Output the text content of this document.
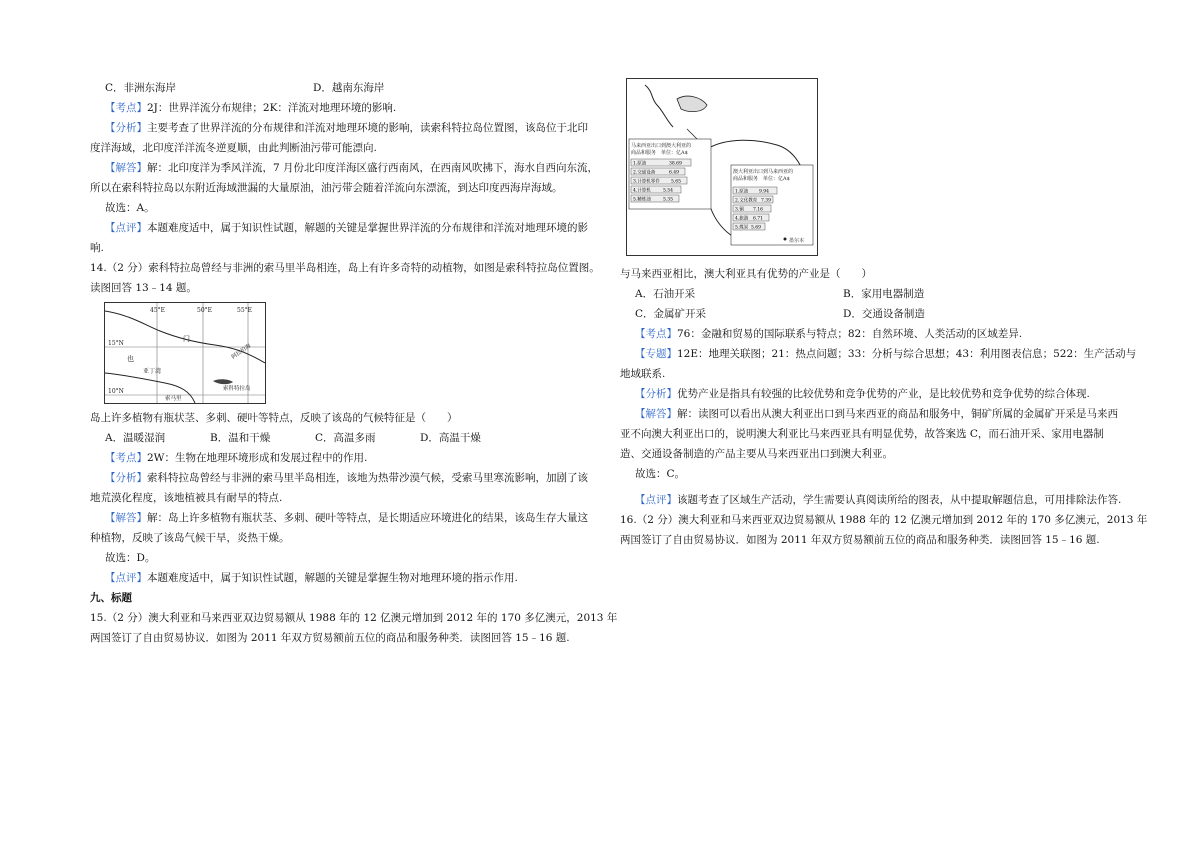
C．非洲东海岸	D．越南东海岸
【考点】2J：世界洋流分布规律；2K：洋流对地理环境的影响.
【分析】主要考查了世界洋流的分布规律和洋流对地理环境的影响，读索科特拉岛位置图，该岛位于北印
度洋海域，北印度洋洋流冬逆夏顺，由此判断油污带可能漂向.
【解答】解：北印度洋为季风洋流，7 月份北印度洋海区盛行西南风，在西南风吹拂下，海水自西向东流，
所以在索科特拉岛以东附近海域泄漏的大量原油，油污带会随着洋流向东漂流，到达印度西海岸海域。
故选：A。
【点评】本题难度适中，属于知识性试题，解题的关键是掌握世界洋流的分布规律和洋流对地理环境的影
响.
14.（2 分）索科特拉岛曾经与非洲的索马里半岛相连，岛上有许多奇特的动植物，如图是索科特拉岛位置图。
读图回答 13﹣14 题。
45°E	50°E	55°E
15°N
10°N
也
门
亚丁湾
阿拉伯海
索科特拉岛
索马里
岛上许多植物有瓶状茎、多刺、硬叶等特点，反映了该岛的气候特征是（　　）
A．温暖湿润	B．温和干燥	C．高温多雨	D．高温干燥
【考点】2W：生物在地理环境形成和发展过程中的作用.
【分析】索科特拉岛曾经与非洲的索马里半岛相连，该地为热带沙漠气候，受索马里寒流影响，加剧了该
地荒漠化程度，该地植被具有耐旱的特点.
【解答】解：岛上许多植物有瓶状茎、多刺、硬叶等特点，是长期适应环境进化的结果，该岛生存大量这
种植物，反映了该岛气候干旱，炎热干燥。
故选：D。
【点评】本题难度适中，属于知识性试题，解题的关键是掌握生物对地理环境的指示作用.
九、标题
15.（2 分）澳大利亚和马来西亚双边贸易额从 1988 年的 12 亿澳元增加到 2012 年的 170 多亿澳元，2013 年
两国签订了自由贸易协议．如图为 2011 年双方贸易额前五位的商品和服务种类．读图回答 15﹣16 题.
马来西亚出口到澳大利亚的
商品和服务　单位：亿A$
1.原油	38.69
2.交通设备	6.49
3.计算机零件 5.65
4.计算机	5.54
5.精炼油	5.35
澳大利亚出口到马来西亚的
商品和服务　单位：亿A$
1.原油 9.94
2.文化教育 7.39
3.铜 7.16
4.旅游 6.71
5.煤炭 5.69
墨尔本
与马来西亚相比，澳大利亚具有优势的产业是（　　）
A．石油开采	B．家用电器制造
C．金属矿开采	D．交通设备制造
【考点】76：金融和贸易的国际联系与特点；82：自然环境、人类活动的区域差异.
【专题】12E：地理关联图；21：热点问题；33：分析与综合思想；43：利用图表信息；522：生产活动与
地域联系.
【分析】优势产业是指具有较强的比较优势和竞争优势的产业，是比较优势和竞争优势的综合体现.
【解答】解：读图可以看出从澳大利亚出口到马来西亚的商品和服务中，铜矿所属的金属矿开采是马来西
亚不向澳大利亚出口的，说明澳大利亚比马来西亚具有明显优势，故答案选 C，而石油开采、家用电器制
造、交通设备制造的产品主要从马来西亚出口到澳大利亚。
故选：C。
【点评】该题考查了区域生产活动，学生需要认真阅读所给的图表，从中提取解题信息，可用排除法作答.
16.（2 分）澳大利亚和马来西亚双边贸易额从 1988 年的 12 亿澳元增加到 2012 年的 170 多亿澳元，2013 年
两国签订了自由贸易协议．如图为 2011 年双方贸易额前五位的商品和服务种类．读图回答 15﹣16 题.
